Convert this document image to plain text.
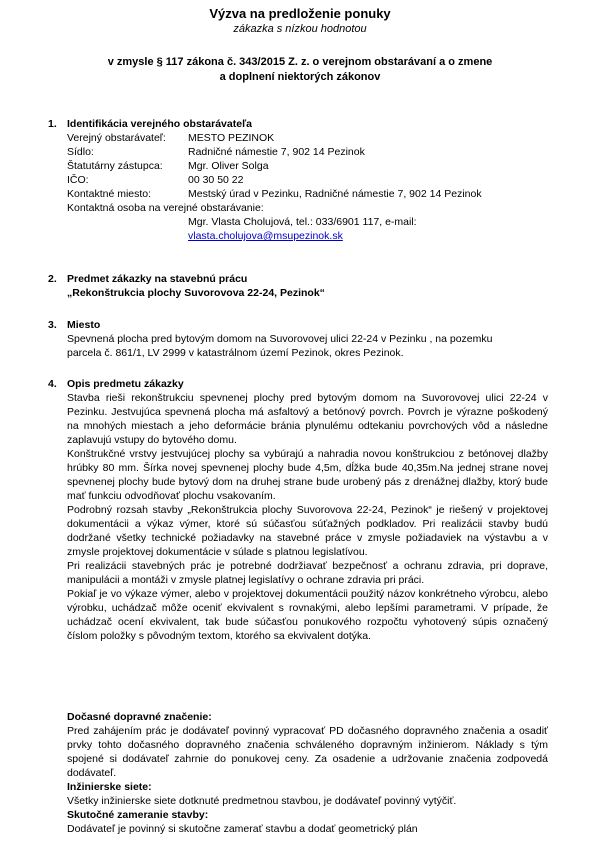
Výzva na predloženie ponuky
zákazka s nízkou hodnotou
v zmysle § 117 zákona č. 343/2015 Z. z. o verejnom obstarávaní a o zmene
a doplnení niektorých zákonov
1. Identifikácia verejného obstarávateľa
Verejný obstarávateľ: MESTO PEZINOK
Sídlo:	Radničné námestie 7, 902 14 Pezinok
Štatutárny zástupca: Mgr. Oliver Solga
IČO:	00 30 50 22
Kontaktné miesto:	Mestský úrad v Pezinku, Radničné námestie 7, 902 14 Pezinok
Kontaktná osoba na verejné obstarávanie:
Mgr. Vlasta Cholujová, tel.: 033/6901 117, e-mail:
vlasta.cholujova@msupezinok.sk
2. Predmet zákazky na stavebnú prácu
„Rekonštrukcia plochy Suvorovova 22-24, Pezinok“
3. Miesto
Spevnená plocha pred bytovým domom na Suvorovovej ulici 22-24 v Pezinku , na pozemku
parcela č. 861/1, LV 2999 v katastrálnom území Pezinok, okres Pezinok.
4. Opis predmetu zákazky

Stavba rieši rekonštrukciu spevnenej plochy pred bytovým domom na Suvorovovej ulici 22-24 v Pezinku. Jestvujúca spevnená plocha má asfaltový a betónový povrch. Povrch je výrazne poškodený na mnohých miestach a jeho deformácie bránia plynulému odtekaniu povrchových vôd a následne zaplavujú vstupy do bytového domu.

Konštrukčné vrstvy jestvujúcej plochy sa vybúrajú a nahradia novou konštrukciou z betónovej dlažby hrúbky 80 mm. Šírka novej spevnenej plochy bude 4,5m, dĺžka bude 40,35m.Na jednej strane novej spevnenej plochy bude bytový dom na druhej strane bude urobený pás z drenážnej dlažby, ktorý bude mať funkciu odvodňovať plochu vsakovaním.

Podrobný rozsah stavby „Rekonštrukcia plochy Suvorovova 22-24, Pezinok“ je riešený v projektovej dokumentácii a výkaz výmer, ktoré sú súčasťou súťažných podkladov. Pri realizácii stavby budú dodržané všetky technické požiadavky na stavebné práce v zmysle požiadaviek na výstavbu a v zmysle projektovej dokumentácie v súlade s platnou legislatívou.

Pri realizácii stavebných prác je potrebné dodržiavať bezpečnosť a ochranu zdravia, pri doprave, manipulácii a montáži v zmysle platnej legislatívy o ochrane zdravia pri práci.

Pokiaľ je vo výkaze výmer, alebo v projektovej dokumentácii použitý názov konkrétneho výrobcu, alebo výrobku, uchádzač môže oceniť ekvivalent s rovnakými, alebo lepšími parametrami. V prípade, že uchádzač ocení ekvivalent, tak bude súčasťou ponukového rozpočtu vyhotovený súpis označený číslom položky s pôvodným textom, ktorého sa ekvivalent dotýka.

Dočasné dopravné značenie:

Pred zahájením prác je dodávateľ povinný vypracovať PD dočasného dopravného značenia a osadiť prvky tohto dočasného dopravného značenia schváleného dopravným inžinierom. Náklady s tým spojené si dodávateľ zahrnie do ponukovej ceny. Za osadenie a udržovanie značenia zodpovedá dodávateľ.

Inžinierske siete:

Všetky inžinierske siete dotknuté predmetnou stavbou, je dodávateľ povinný vytýčiť.

Skutočné zameranie stavby:

Dodávateľ je povinný si skutočne zamerať stavbu a dodať geometrický plán
